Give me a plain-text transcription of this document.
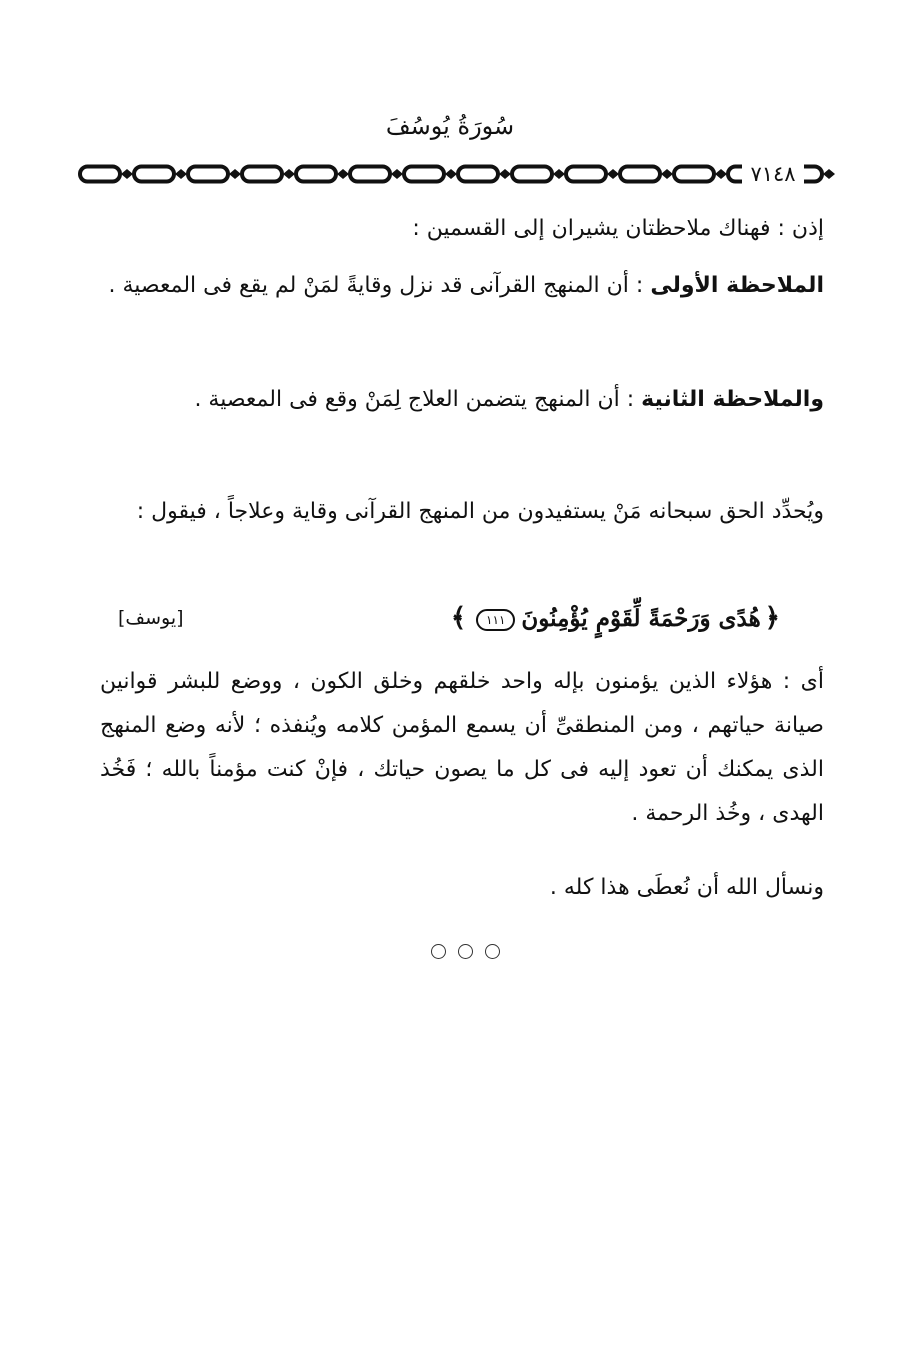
سُورَةُ يُوسُفَ
٧١٤٨
إذن : فهناك ملاحظتان يشيران إلى القسمين :
الملاحظة الأولى : أن المنهج القرآنى قد نزل وقايةً لمَنْ لم يقع فى المعصية .
والملاحظة الثانية : أن المنهج يتضمن العلاج لِمَنْ وقع فى المعصية .
ويُحدِّد الحق سبحانه مَنْ يستفيدون من المنهج القرآنى وقاية وعلاجاً ، فيقول :
﴿هُدًى وَرَحْمَةً لِّقَوْمٍ يُؤْمِنُونَ١١١﴾
[يوسف]
أى : هؤلاء الذين يؤمنون بإله واحد خلقهم وخلق الكون ، ووضع للبشر قوانين صيانة حياتهم ، ومن المنطقىِّ أن يسمع المؤمن كلامه ويُنفذه ؛ لأنه وضع المنهج الذى يمكنك أن تعود إليه فى كل ما يصون حياتك ، فإنْ كنت مؤمناً بالله ؛ فَخُذ الهدى ، وخُذ الرحمة .
ونسأل الله أن نُعطَى هذا كله .
